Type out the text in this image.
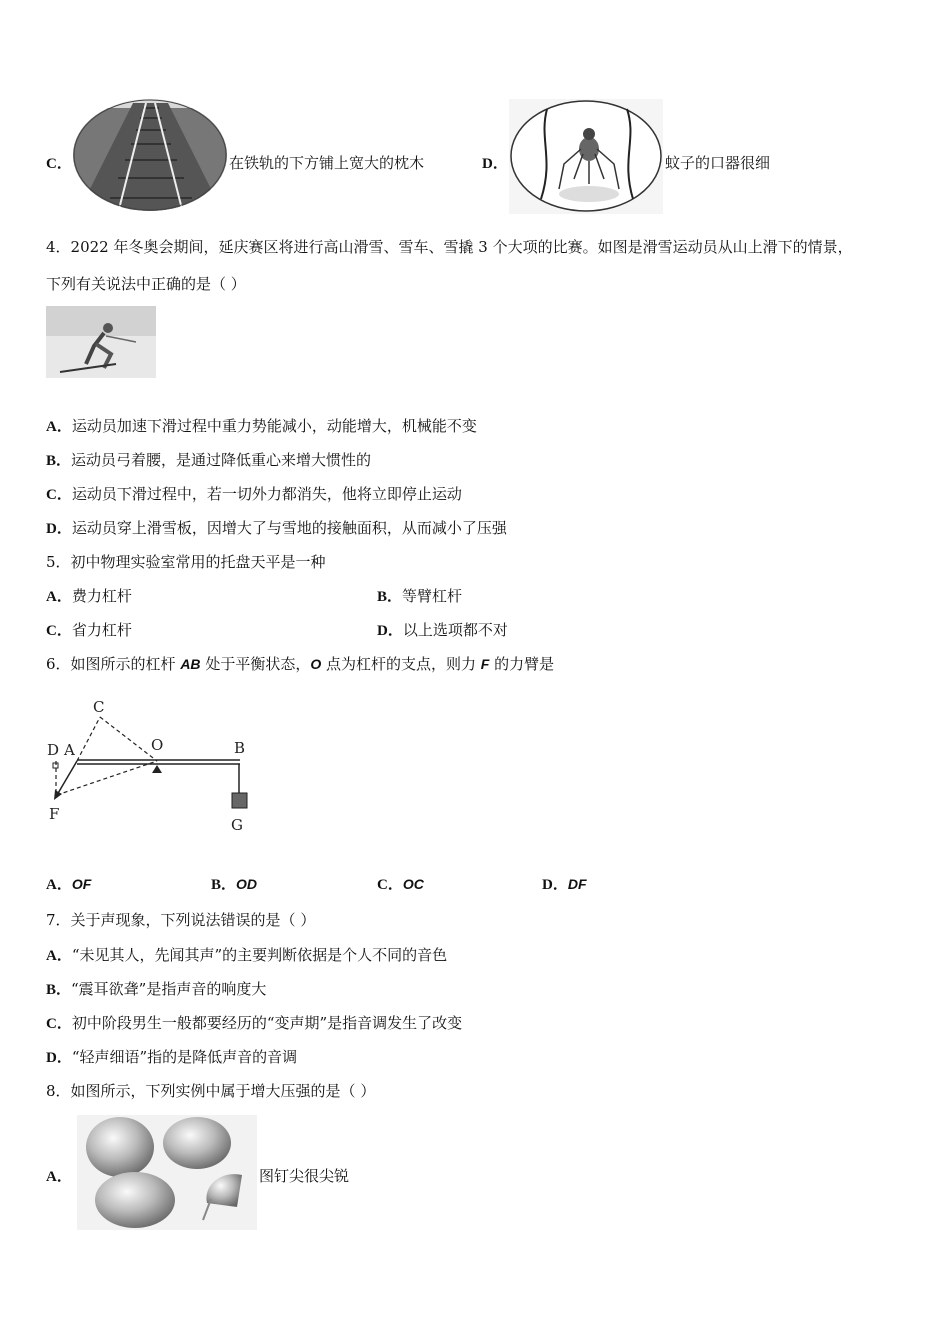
C．	在铁轨的下方铺上宽大的枕木	D．	蚊子的口器很细
4．2022 年冬奥会期间，延庆赛区将进行高山滑雪、雪车、雪撬 3 个大项的比赛。如图是滑雪运动员从山上滑下的情景，
下列有关说法中正确的是（ ）
A．运动员加速下滑过程中重力势能减小，动能增大，机械能不变
B．运动员弓着腰，是通过降低重心来增大惯性的
C．运动员下滑过程中，若一切外力都消失，他将立即停止运动
D．运动员穿上滑雪板，因增大了与雪地的接触面积，从而减小了压强
5．初中物理实验室常用的托盘天平是一种
A．费力杠杆	B．等臂杠杆
C．省力杠杆	D．以上选项都不对
6．如图所示的杠杆 AB 处于平衡状态，O 点为杠杆的支点，则力 F 的力臂是
C
D A	O	B
F
G
A．OF	B．OD	C．OC	D．DF
7．关于声现象，下列说法错误的是（ ）
A．“未见其人，先闻其声”的主要判断依据是个人不同的音色
B．“震耳欲聋”是指声音的响度大
C．初中阶段男生一般都要经历的“变声期”是指音调发生了改变
D．“轻声细语”指的是降低声音的音调
8．如图所示，下列实例中属于增大压强的是（ ）
A．	图钉尖很尖锐
